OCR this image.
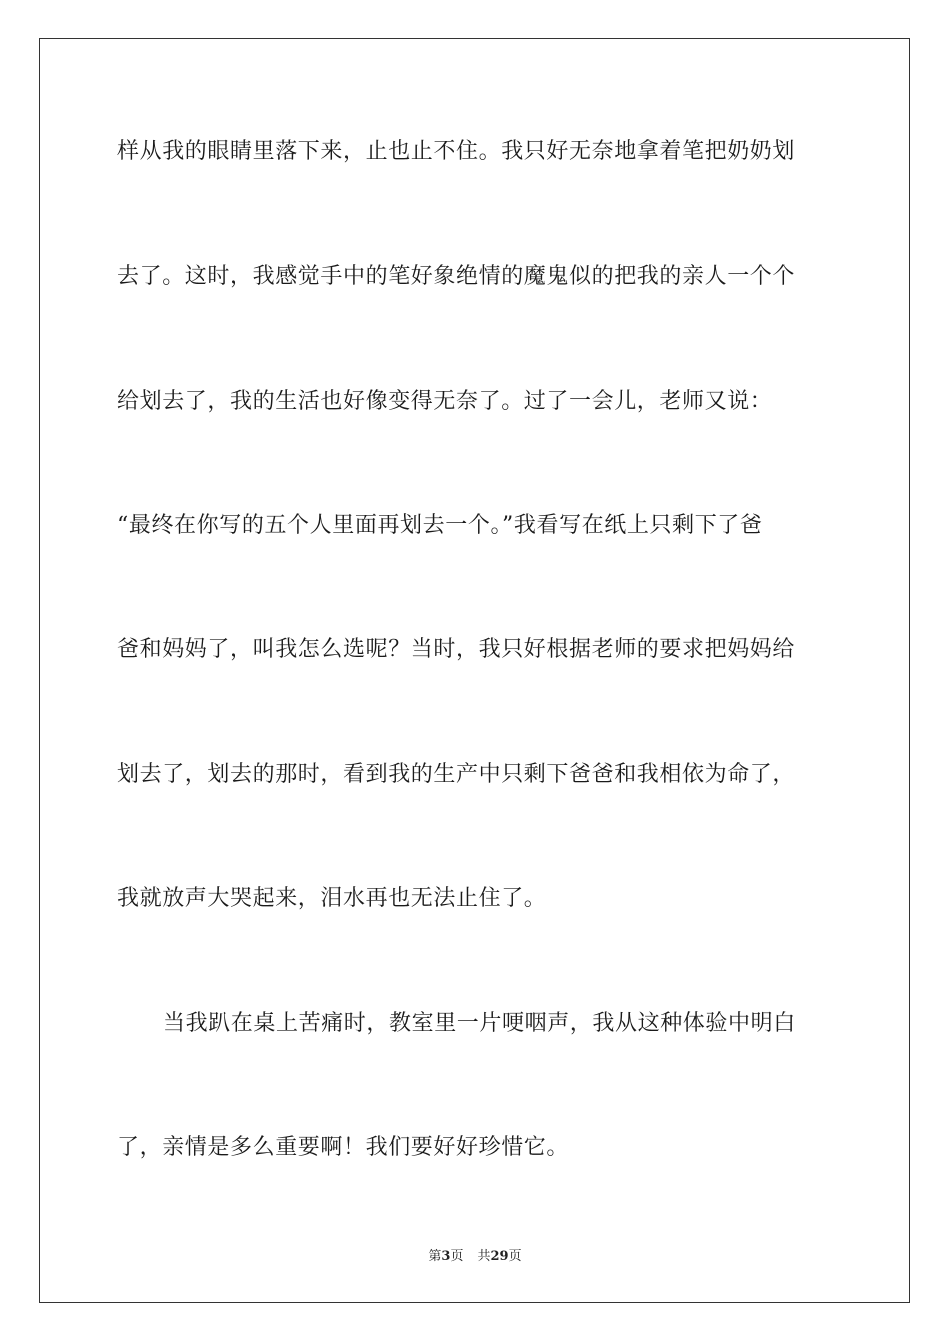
样从我的眼睛里落下来，止也止不住。我只好无奈地拿着笔把奶奶划
去了。这时，我感觉手中的笔好象绝情的魔鬼似的把我的亲人一个个
给划去了，我的生活也好像变得无奈了。过了一会儿，老师又说：
“最终在你写的五个人里面再划去一个。”我看写在纸上只剩下了爸
爸和妈妈了，叫我怎么选呢？当时，我只好根据老师的要求把妈妈给
划去了，划去的那时，看到我的生产中只剩下爸爸和我相依为命了，
我就放声大哭起来，泪水再也无法止住了。
当我趴在桌上苦痛时，教室里一片哽咽声，我从这种体验中明白
了，亲情是多么重要啊！我们要好好珍惜它。
第3页 共29页
